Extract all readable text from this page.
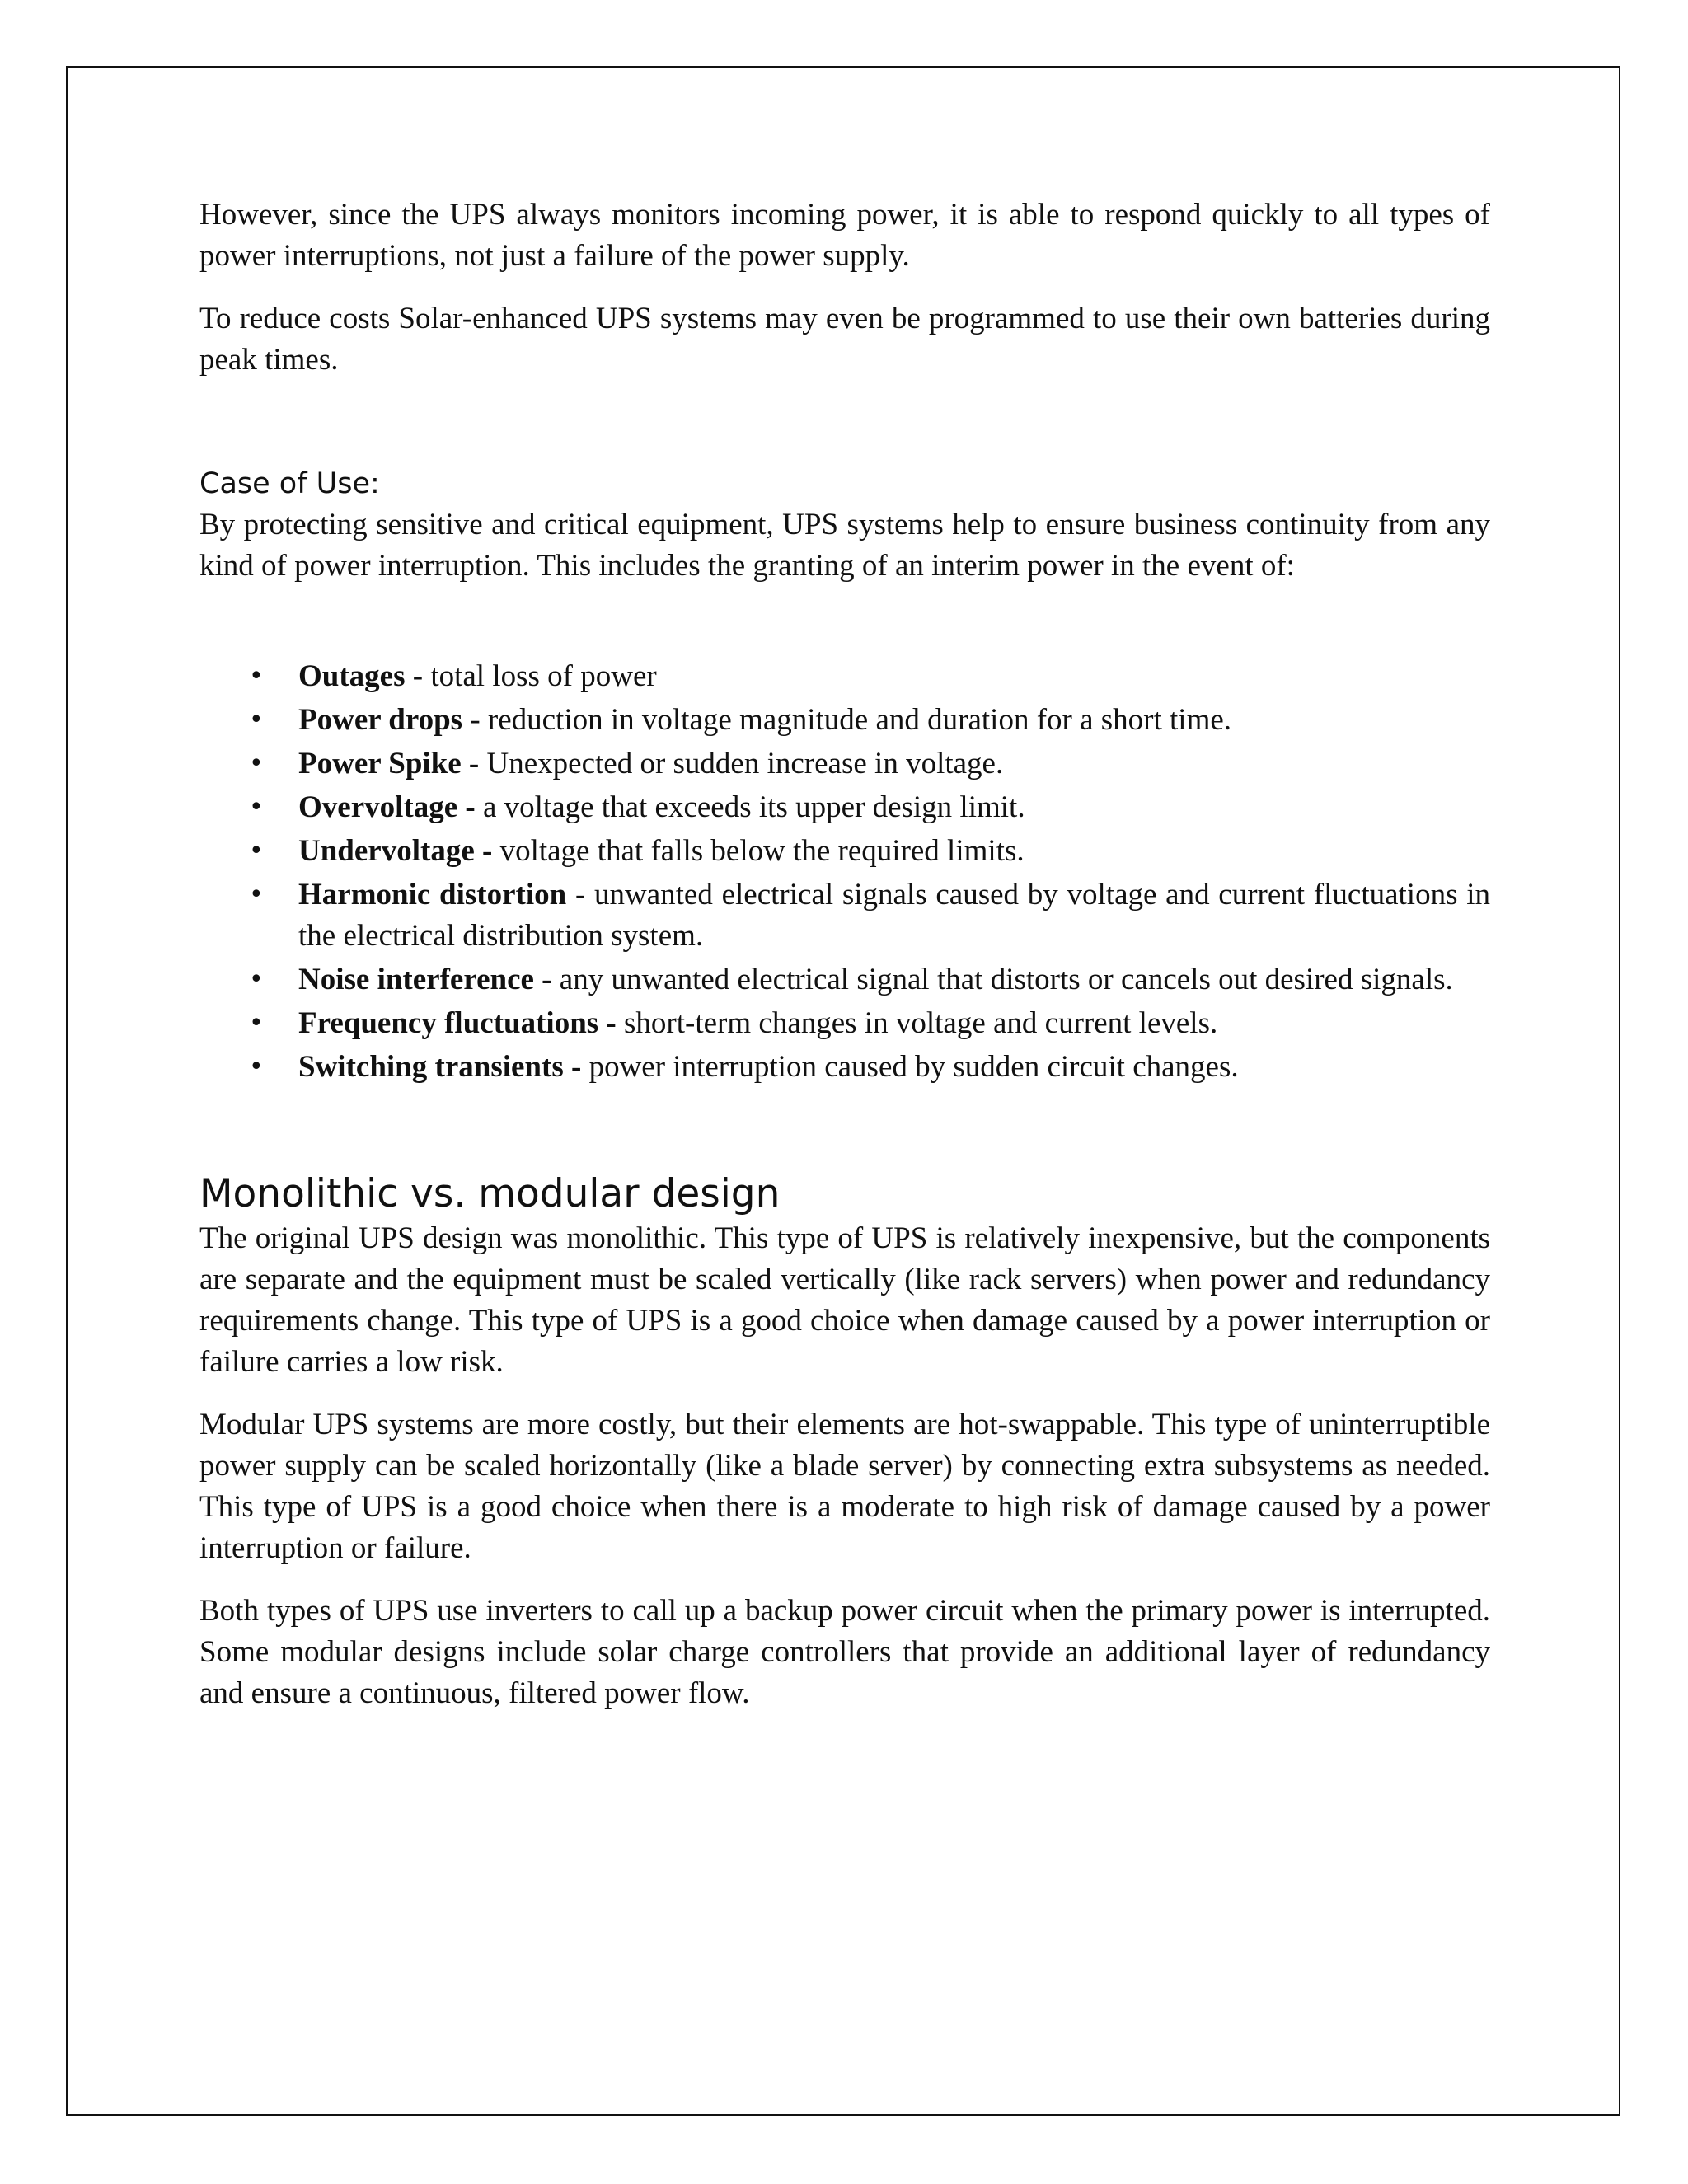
However, since the UPS always monitors incoming power, it is able to respond quickly to all types of power interruptions, not just a failure of the power supply.

To reduce costs Solar-enhanced UPS systems may even be programmed to use their own batteries during peak times.

Case of Use:

By protecting sensitive and critical equipment, UPS systems help to ensure business continuity from any kind of power interruption. This includes the granting of an interim power in the event of:

• Outages - total loss of power
• Power drops - reduction in voltage magnitude and duration for a short time.
• Power Spike - Unexpected or sudden increase in voltage.
• Overvoltage - a voltage that exceeds its upper design limit.
• Undervoltage - voltage that falls below the required limits.
• Harmonic distortion - unwanted electrical signals caused by voltage and current fluctuations in the electrical distribution system.
• Noise interference - any unwanted electrical signal that distorts or cancels out desired signals.
• Frequency fluctuations - short-term changes in voltage and current levels.
• Switching transients - power interruption caused by sudden circuit changes.
Monolithic vs. modular design

The original UPS design was monolithic. This type of UPS is relatively inexpensive, but the components are separate and the equipment must be scaled vertically (like rack servers) when power and redundancy requirements change. This type of UPS is a good choice when damage caused by a power interruption or failure carries a low risk.

Modular UPS systems are more costly, but their elements are hot-swappable. This type of uninterruptible power supply can be scaled horizontally (like a blade server) by connecting extra subsystems as needed. This type of UPS is a good choice when there is a moderate to high risk of damage caused by a power interruption or failure.

Both types of UPS use inverters to call up a backup power circuit when the primary power is interrupted. Some modular designs include solar charge controllers that provide an additional layer of redundancy and ensure a continuous, filtered power flow.
